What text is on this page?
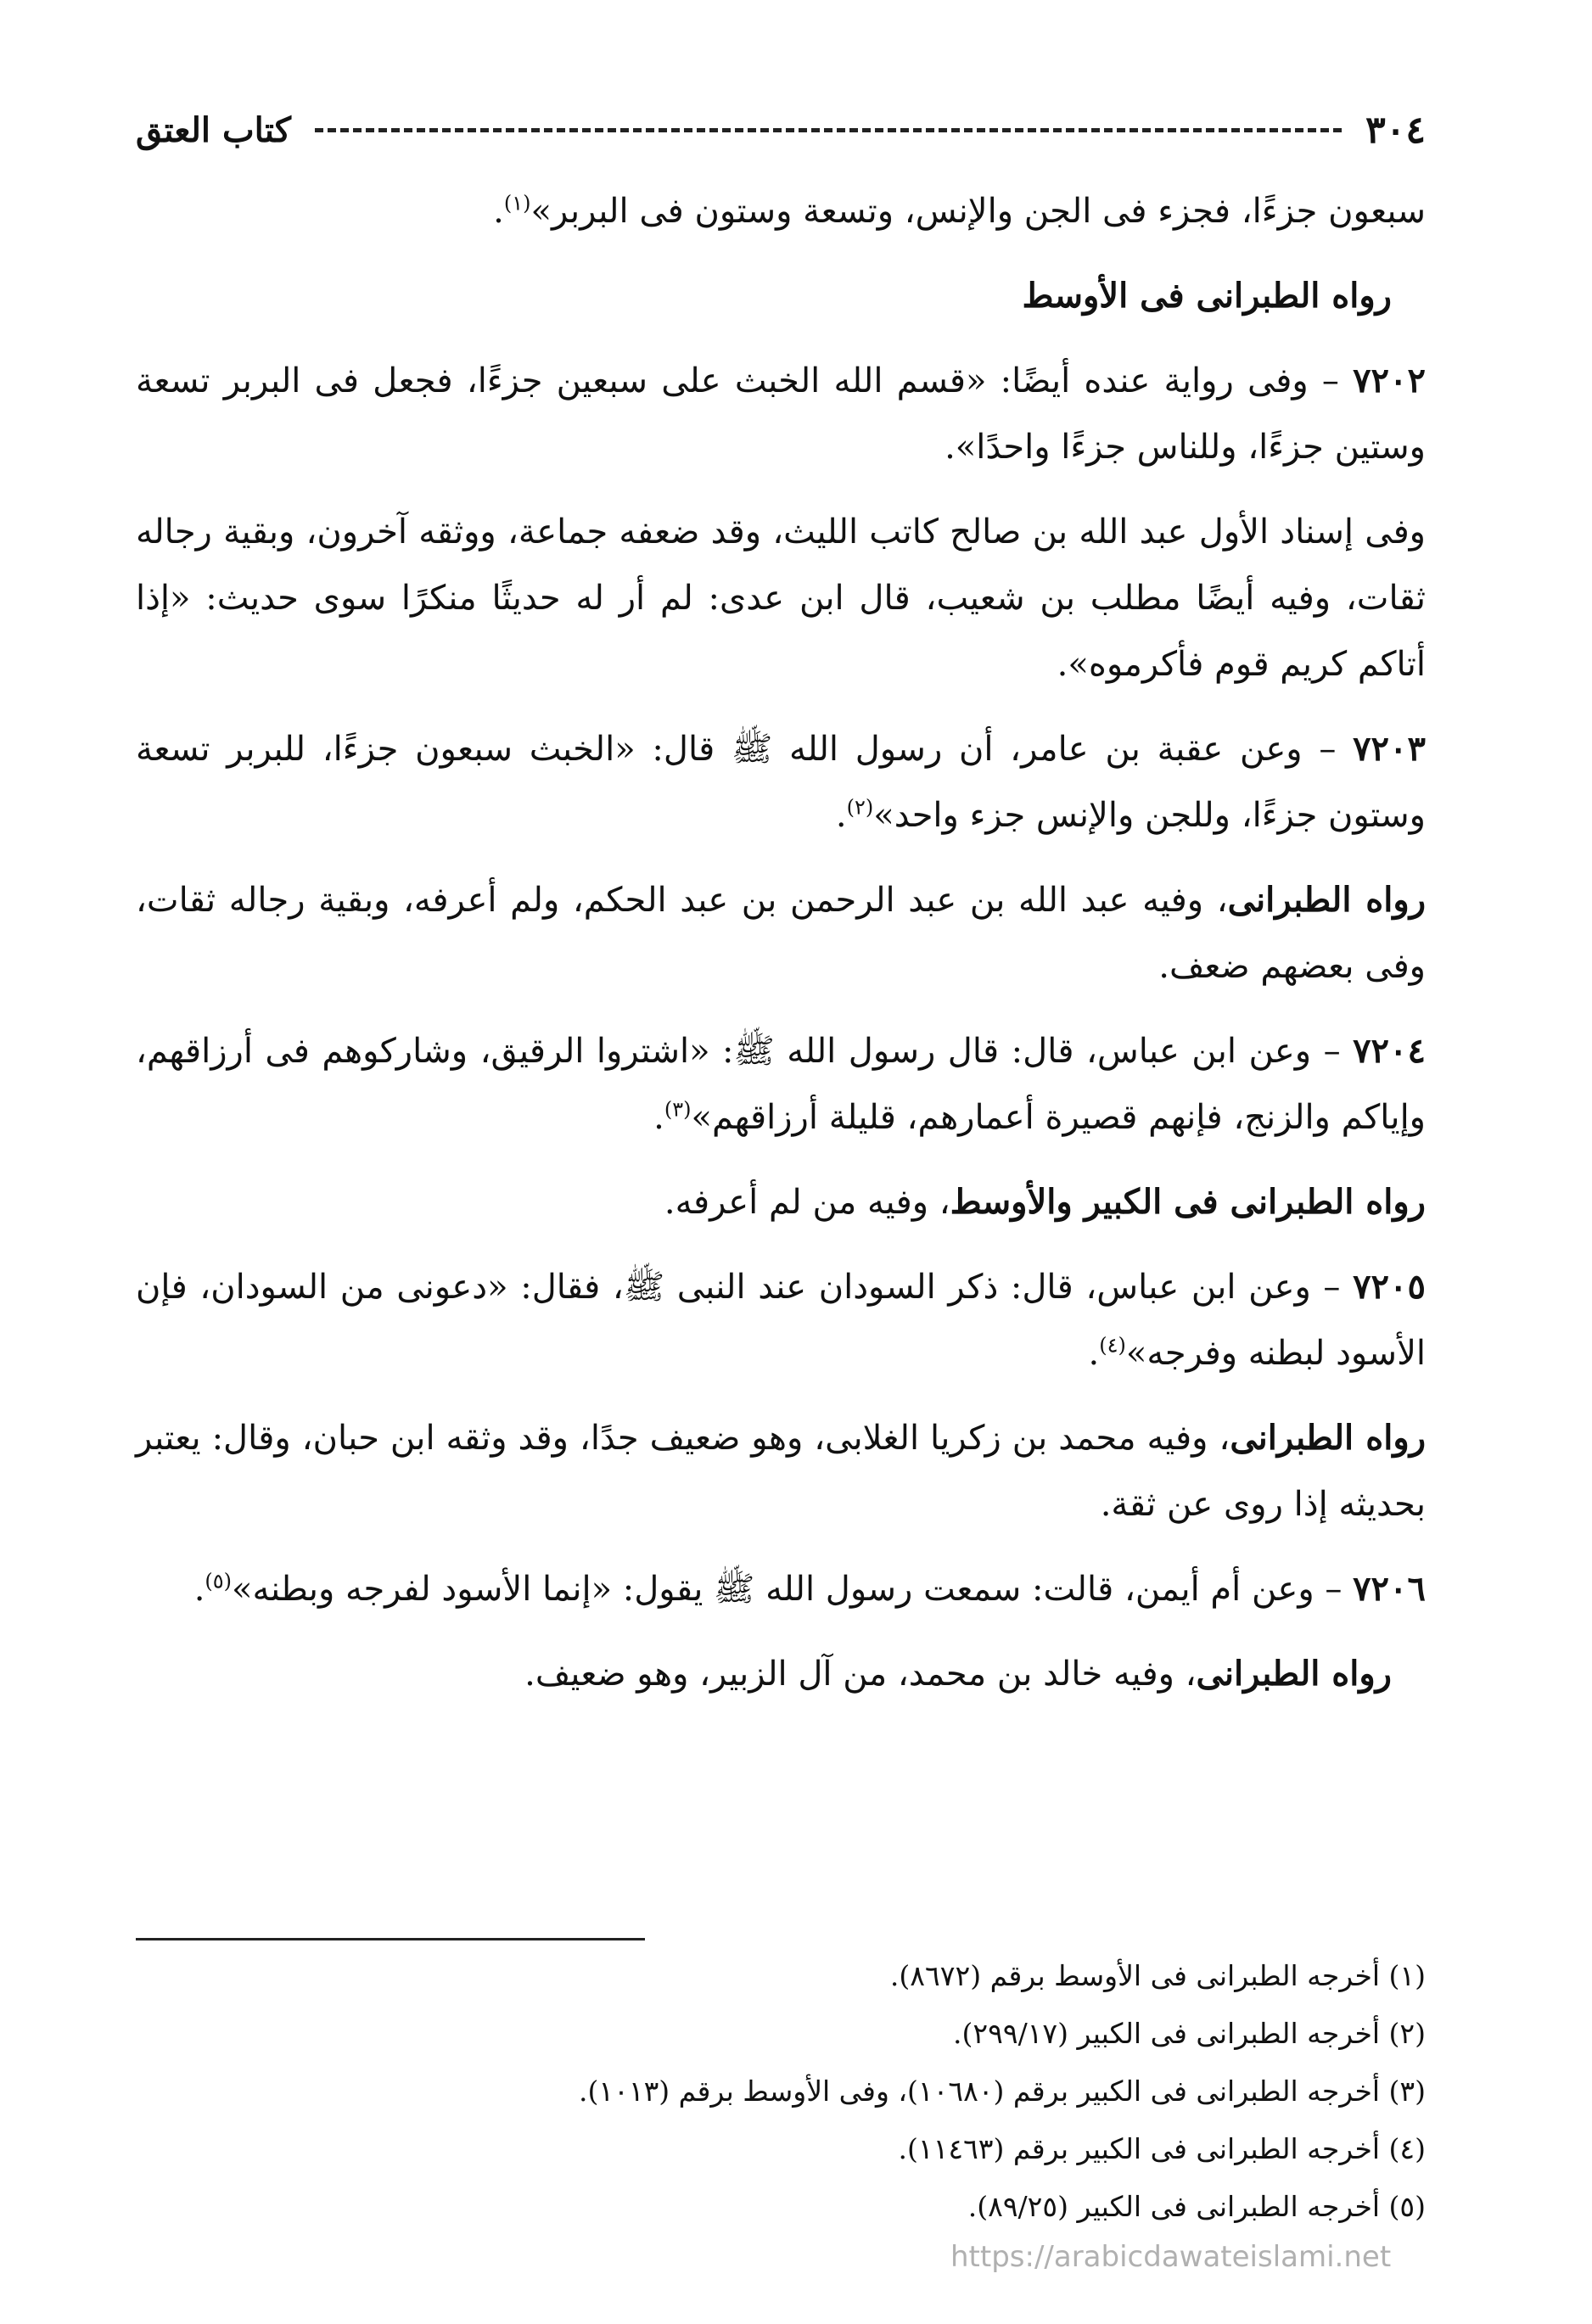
٣٠٤
كتاب العتق

سبعون جزءًا، فجزء فى الجن والإنس، وتسعة وستون فى البربر»$^{(١)}$.

رواه الطبرانى فى الأوسط

٧٢٠٢ – وفى رواية عنده أيضًا: «قسم الله الخبث على سبعين جزءًا، فجعل فى البربر تسعة وستين جزءًا، وللناس جزءًا واحدًا».

وفى إسناد الأول عبد الله بن صالح كاتب الليث، وقد ضعفه جماعة، ووثقه آخرون، وبقية رجاله ثقات، وفيه أيضًا مطلب بن شعيب، قال ابن عدى: لم أر له حديثًا منكرًا سوى حديث: «إذا أتاكم كريم قوم فأكرموه».

٧٢٠٣ – وعن عقبة بن عامر، أن رسول الله ﷺ قال: «الخبث سبعون جزءًا، للبربر تسعة وستون جزءًا، وللجن والإنس جزء واحد»$^{(٢)}$.

رواه الطبرانى، وفيه عبد الله بن عبد الرحمن بن عبد الحكم، ولم أعرفه، وبقية رجاله ثقات، وفى بعضهم ضعف.

٧٢٠٤ – وعن ابن عباس، قال: قال رسول الله ﷺ: «اشتروا الرقيق، وشاركوهم فى أرزاقهم، وإياكم والزنج، فإنهم قصيرة أعمارهم، قليلة أرزاقهم»$^{(٣)}$.

رواه الطبرانى فى الكبير والأوسط، وفيه من لم أعرفه.

٧٢٠٥ – وعن ابن عباس، قال: ذكر السودان عند النبى ﷺ، فقال: «دعونى من السودان، فإن الأسود لبطنه وفرجه»$^{(٤)}$.

رواه الطبرانى، وفيه محمد بن زكريا الغلابى، وهو ضعيف جدًا، وقد وثقه ابن حبان، وقال: يعتبر بحديثه إذا روى عن ثقة.

٧٢٠٦ – وعن أم أيمن، قالت: سمعت رسول الله ﷺ يقول: «إنما الأسود لفرجه وبطنه»$^{(٥)}$.

رواه الطبرانى، وفيه خالد بن محمد، من آل الزبير، وهو ضعيف.

(١) أخرجه الطبرانى فى الأوسط برقم (٨٦٧٢).

(٢) أخرجه الطبرانى فى الكبير (٢٩٩/١٧).

(٣) أخرجه الطبرانى فى الكبير برقم (١٠٦٨٠)، وفى الأوسط برقم (١٠١٣).

(٤) أخرجه الطبرانى فى الكبير برقم (١١٤٦٣).

(٥) أخرجه الطبرانى فى الكبير (٨٩/٢٥).

https://arabicdawateislami.net
